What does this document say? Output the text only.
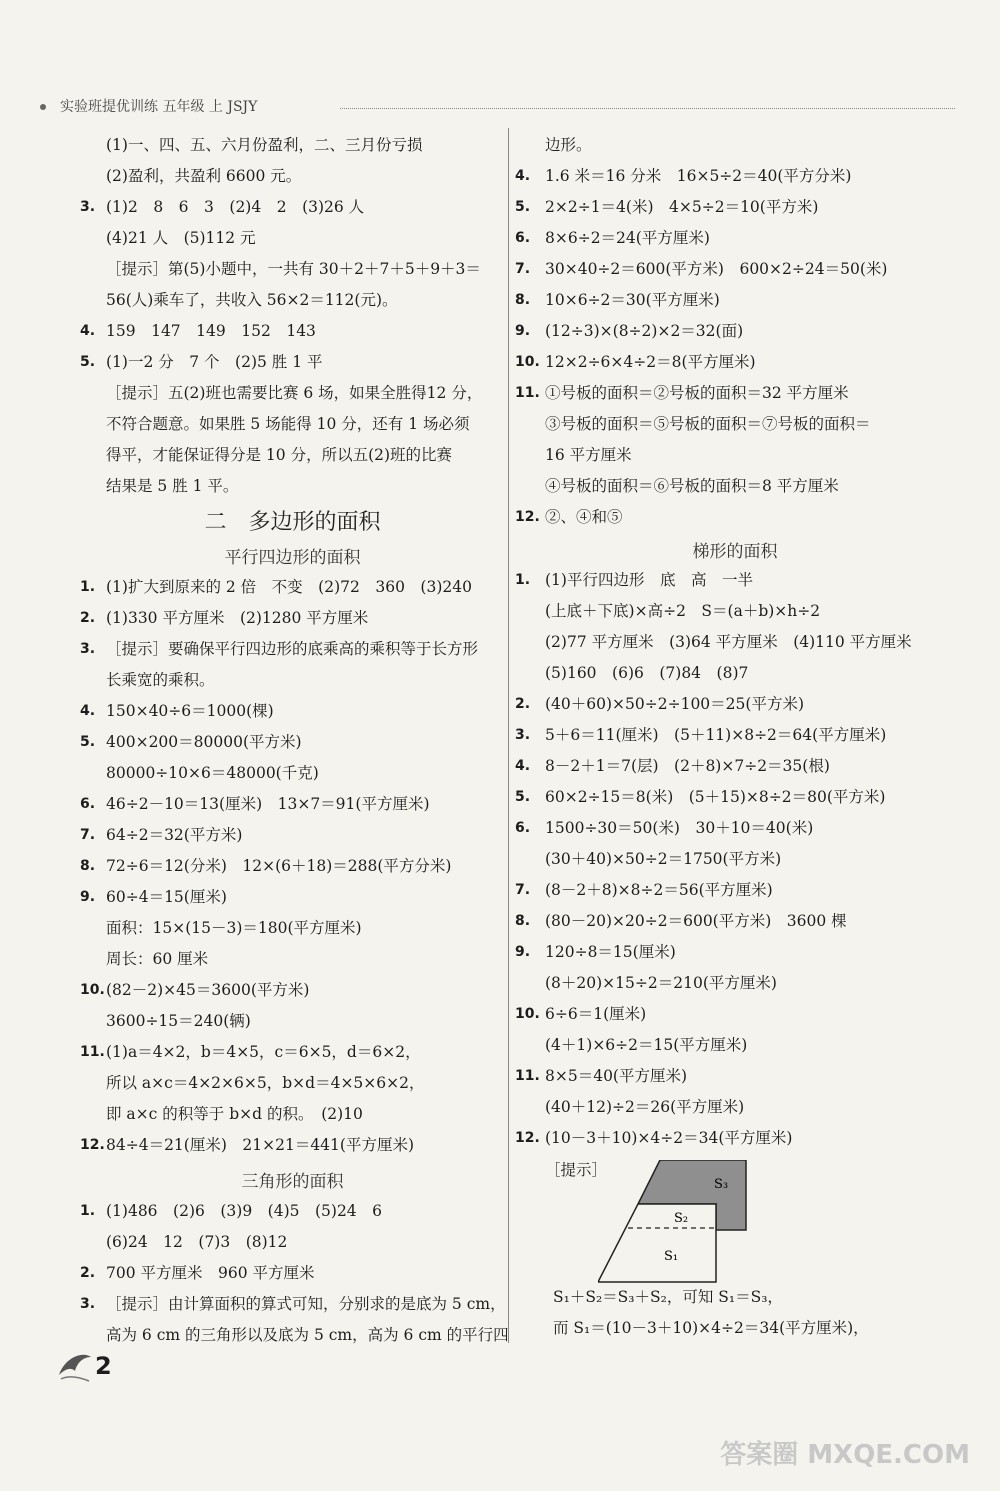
实验班提优训练 五年级 上 JSJY
(1)一、四、五、六月份盈利，二、三月份亏损
(2)盈利，共盈利 6600 元。
3. (1)2　8　6　3　(2)4　2　(3)26 人
(4)21 人　(5)112 元
［提示］第(5)小题中，一共有 30＋2＋7＋5＋9＋3＝
56(人)乘车了，共收入 56×2＝112(元)。
4. 159　147　149　152　143
5. (1)一2 分　7 个　(2)5 胜 1 平
［提示］五(2)班也需要比赛 6 场，如果全胜得12 分，
不符合题意。如果胜 5 场能得 10 分，还有 1 场必须
得平，才能保证得分是 10 分，所以五(2)班的比赛
结果是 5 胜 1 平。
二　多边形的面积
平行四边形的面积
1. (1)扩大到原来的 2 倍　不变　(2)72　360　(3)240
2. (1)330 平方厘米　(2)1280 平方厘米
3. ［提示］要确保平行四边形的底乘高的乘积等于长方形
长乘宽的乘积。
4. 150×40÷6＝1000(棵)
5. 400×200＝80000(平方米)
80000÷10×6＝48000(千克)
6. 46÷2－10＝13(厘米)　13×7＝91(平方厘米)
7. 64÷2＝32(平方米)
8. 72÷6＝12(分米)　12×(6＋18)＝288(平方分米)
9. 60÷4＝15(厘米)
面积：15×(15－3)＝180(平方厘米)
周长：60 厘米
10. (82－2)×45＝3600(平方米)
3600÷15＝240(辆)
11. (1)a＝4×2，b＝4×5，c＝6×5，d＝6×2，
所以 a×c＝4×2×6×5，b×d＝4×5×6×2，
即 a×c 的积等于 b×d 的积。　(2)10
12. 84÷4＝21(厘米)　21×21＝441(平方厘米)
三角形的面积
1. (1)486　(2)6　(3)9　(4)5　(5)24　6
(6)24　12　(7)3　(8)12
2. 700 平方厘米　960 平方厘米
3. ［提示］由计算面积的算式可知，分别求的是底为 5 cm，
高为 6 cm 的三角形以及底为 5 cm，高为 6 cm 的平行四
边形。
4. 1.6 米＝16 分米　16×5÷2＝40(平方分米)
5. 2×2÷1＝4(米)　4×5÷2＝10(平方米)
6. 8×6÷2＝24(平方厘米)
7. 30×40÷2＝600(平方米)　600×2÷24＝50(米)
8. 10×6÷2＝30(平方厘米)
9. (12÷3)×(8÷2)×2＝32(面)
10. 12×2÷6×4÷2＝8(平方厘米)
11. ①号板的面积＝②号板的面积＝32 平方厘米
③号板的面积＝⑤号板的面积＝⑦号板的面积＝
16 平方厘米
④号板的面积＝⑥号板的面积＝8 平方厘米
12. ②、④和⑤
梯形的面积
1. (1)平行四边形　底　高　一半
(上底＋下底)×高÷2　S＝(a＋b)×h÷2
(2)77 平方厘米　(3)64 平方厘米　(4)110 平方厘米
(5)160　(6)6　(7)84　(8)7
2. (40＋60)×50÷2÷100＝25(平方米)
3. 5＋6＝11(厘米)　(5＋11)×8÷2＝64(平方厘米)
4. 8－2＋1＝7(层)　(2＋8)×7÷2＝35(根)
5. 60×2÷15＝8(米)　(5＋15)×8÷2＝80(平方米)
6. 1500÷30＝50(米)　30＋10＝40(米)
(30＋40)×50÷2＝1750(平方米)
7. (8－2＋8)×8÷2＝56(平方厘米)
8. (80－20)×20÷2＝600(平方米)　3600 棵
9. 120÷8＝15(厘米)
(8＋20)×15÷2＝210(平方厘米)
10. 6÷6＝1(厘米)
(4＋1)×6÷2＝15(平方厘米)
11. 8×5＝40(平方厘米)
(40＋12)÷2＝26(平方厘米)
12. (10－3＋10)×4÷2＝34(平方厘米)
［提示］
S₁＋S₂＝S₃＋S₂，可知 S₁＝S₃，
而 S₁＝(10－3＋10)×4÷2＝34(平方厘米)，
S₃
S₂
S₁
2
答案圈 MXQE.COM
